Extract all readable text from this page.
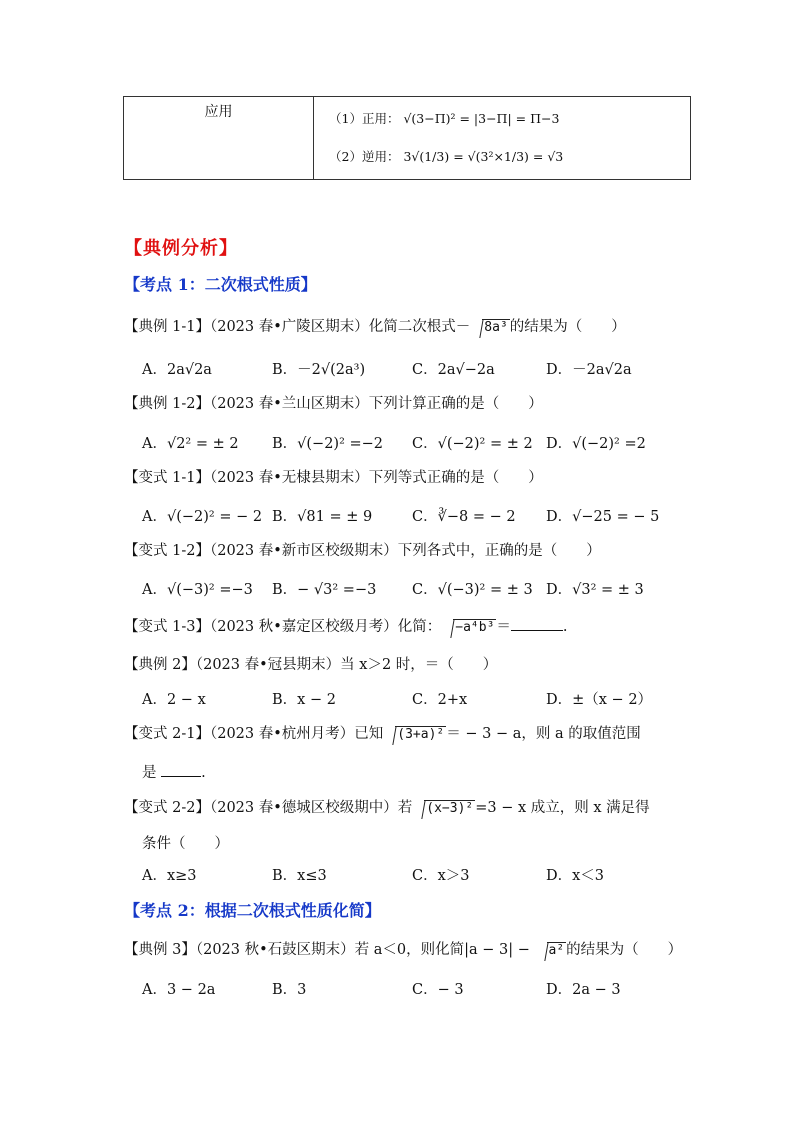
应用	（1）正用： √(3−Π)² = |3−Π| = Π−3
（2）逆用： 3√(1/3) = √(3²×1/3) = √3
【典例分析】
【考点 1：二次根式性质】
【典例 1-1】（2023 春•广陵区期末）化简二次根式－ 8a³ 的结果为（　　）
A．2a√2a	B．－2√(2a³)	C．2a√−2a	D．－2a√2a
【典例 1-2】（2023 春•兰山区期末）下列计算正确的是（　　）
A．√2² = ± 2 B．√(−2)² =−2 C．√(−2)² = ± 2 D．√(−2)² =2
【变式 1-1】（2023 春•无棣县期末）下列等式正确的是（　　）
A．√(−2)² = − 2 B．√81 = ± 9	C．∛−8 = − 2 D．√−25 = − 5
【变式 1-2】（2023 春•新市区校级期末）下列各式中，正确的是（　　）
A．√(−3)² =−3 B．− √3² =−3 C．√(−3)² = ± 3 D．√3² = ± 3
【变式 1-3】（2023 秋•嘉定区校级月考）化简： −a⁴b³ ＝	.
【典例 2】（2023 春•冠县期末）当 x＞2 时，＝（　　）
A．2 − x	B．x − 2	C．2+x	D．±（x − 2）
【变式 2-1】（2023 春•杭州月考）已知 (3+a)² ＝ − 3 − a，则 a 的取值范围
是	.
【变式 2-2】（2023 春•德城区校级期中）若 (x−3)² =3 − x 成立，则 x 满足得
条件（　　）
A．x≥3	B．x≤3	C．x＞3	D．x＜3
【考点 2：根据二次根式性质化简】
【典例 3】（2023 秋•石鼓区期末）若 a＜0，则化简|a − 3| − a² 的结果为（　　）
A．3 − 2a	B．3	C．− 3	D．2a − 3
